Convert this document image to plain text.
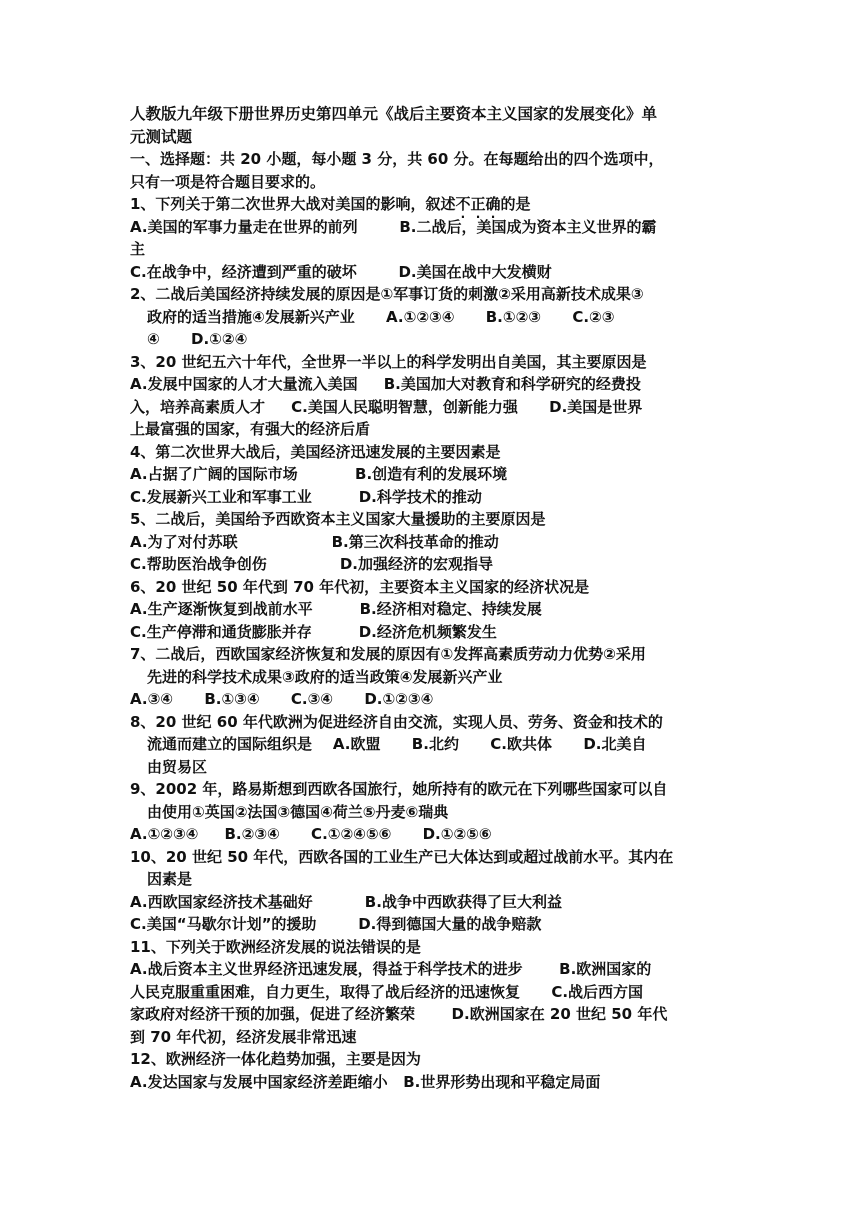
人教版九年级下册世界历史第四单元《战后主要资本主义国家的发展变化》单
元测试题
一、选择题：共 20 小题，每小题 3 分，共 60 分。在每题给出的四个选项中，
只有一项是符合题目要求的。
1、下列关于第二次世界大战对美国的影响，叙述不正确的是
A.美国的军事力量走在世界的前列        B.二战后，美国成为资本主义世界的霸
主
C.在战争中，经济遭到严重的破坏        D.美国在战中大发横财
2、二战后美国经济持续发展的原因是①军事订货的刺激②采用高新技术成果③
政府的适当措施④发展新兴产业      A.①②③④      B.①②③      C.②③
④      D.①②④
3、20 世纪五六十年代，全世界一半以上的科学发明出自美国，其主要原因是
A.发展中国家的人才大量流入美国     B.美国加大对教育和科学研究的经费投
入，培养高素质人才     C.美国人民聪明智慧，创新能力强      D.美国是世界
上最富强的国家，有强大的经济后盾
4、第二次世界大战后，美国经济迅速发展的主要因素是
A.占据了广阔的国际市场           B.创造有利的发展环境
C.发展新兴工业和军事工业         D.科学技术的推动
5、二战后，美国给予西欧资本主义国家大量援助的主要原因是
A.为了对付苏联                  B.第三次科技革命的推动
C.帮助医治战争创伤              D.加强经济的宏观指导
6、20 世纪 50 年代到 70 年代初，主要资本主义国家的经济状况是
A.生产逐渐恢复到战前水平         B.经济相对稳定、持续发展
C.生产停滞和通货膨胀并存         D.经济危机频繁发生
7、二战后，西欧国家经济恢复和发展的原因有①发挥高素质劳动力优势②采用
先进的科学技术成果③政府的适当政策④发展新兴产业
A.③④      B.①③④      C.③④      D.①②③④
8、20 世纪 60 年代欧洲为促进经济自由交流，实现人员、劳务、资金和技术的
流通而建立的国际组织是    A.欧盟      B.北约      C.欧共体      D.北美自
由贸易区
9、2002 年，路易斯想到西欧各国旅行，她所持有的欧元在下列哪些国家可以自
由使用①英国②法国③德国④荷兰⑤丹麦⑥瑞典
A.①②③④     B.②③④      C.①②④⑤⑥      D.①②⑤⑥
10、20 世纪 50 年代，西欧各国的工业生产已大体达到或超过战前水平。其内在
因素是
A.西欧国家经济技术基础好          B.战争中西欧获得了巨大利益
C.美国“马歇尔计划”的援助        D.得到德国大量的战争赔款
11、下列关于欧洲经济发展的说法错误的是
A.战后资本主义世界经济迅速发展，得益于科学技术的进步       B.欧洲国家的
人民克服重重困难，自力更生，取得了战后经济的迅速恢复      C.战后西方国
家政府对经济干预的加强，促进了经济繁荣       D.欧洲国家在 20 世纪 50 年代
到 70 年代初，经济发展非常迅速
12、欧洲经济一体化趋势加强，主要是因为
A.发达国家与发展中国家经济差距缩小   B.世界形势出现和平稳定局面
